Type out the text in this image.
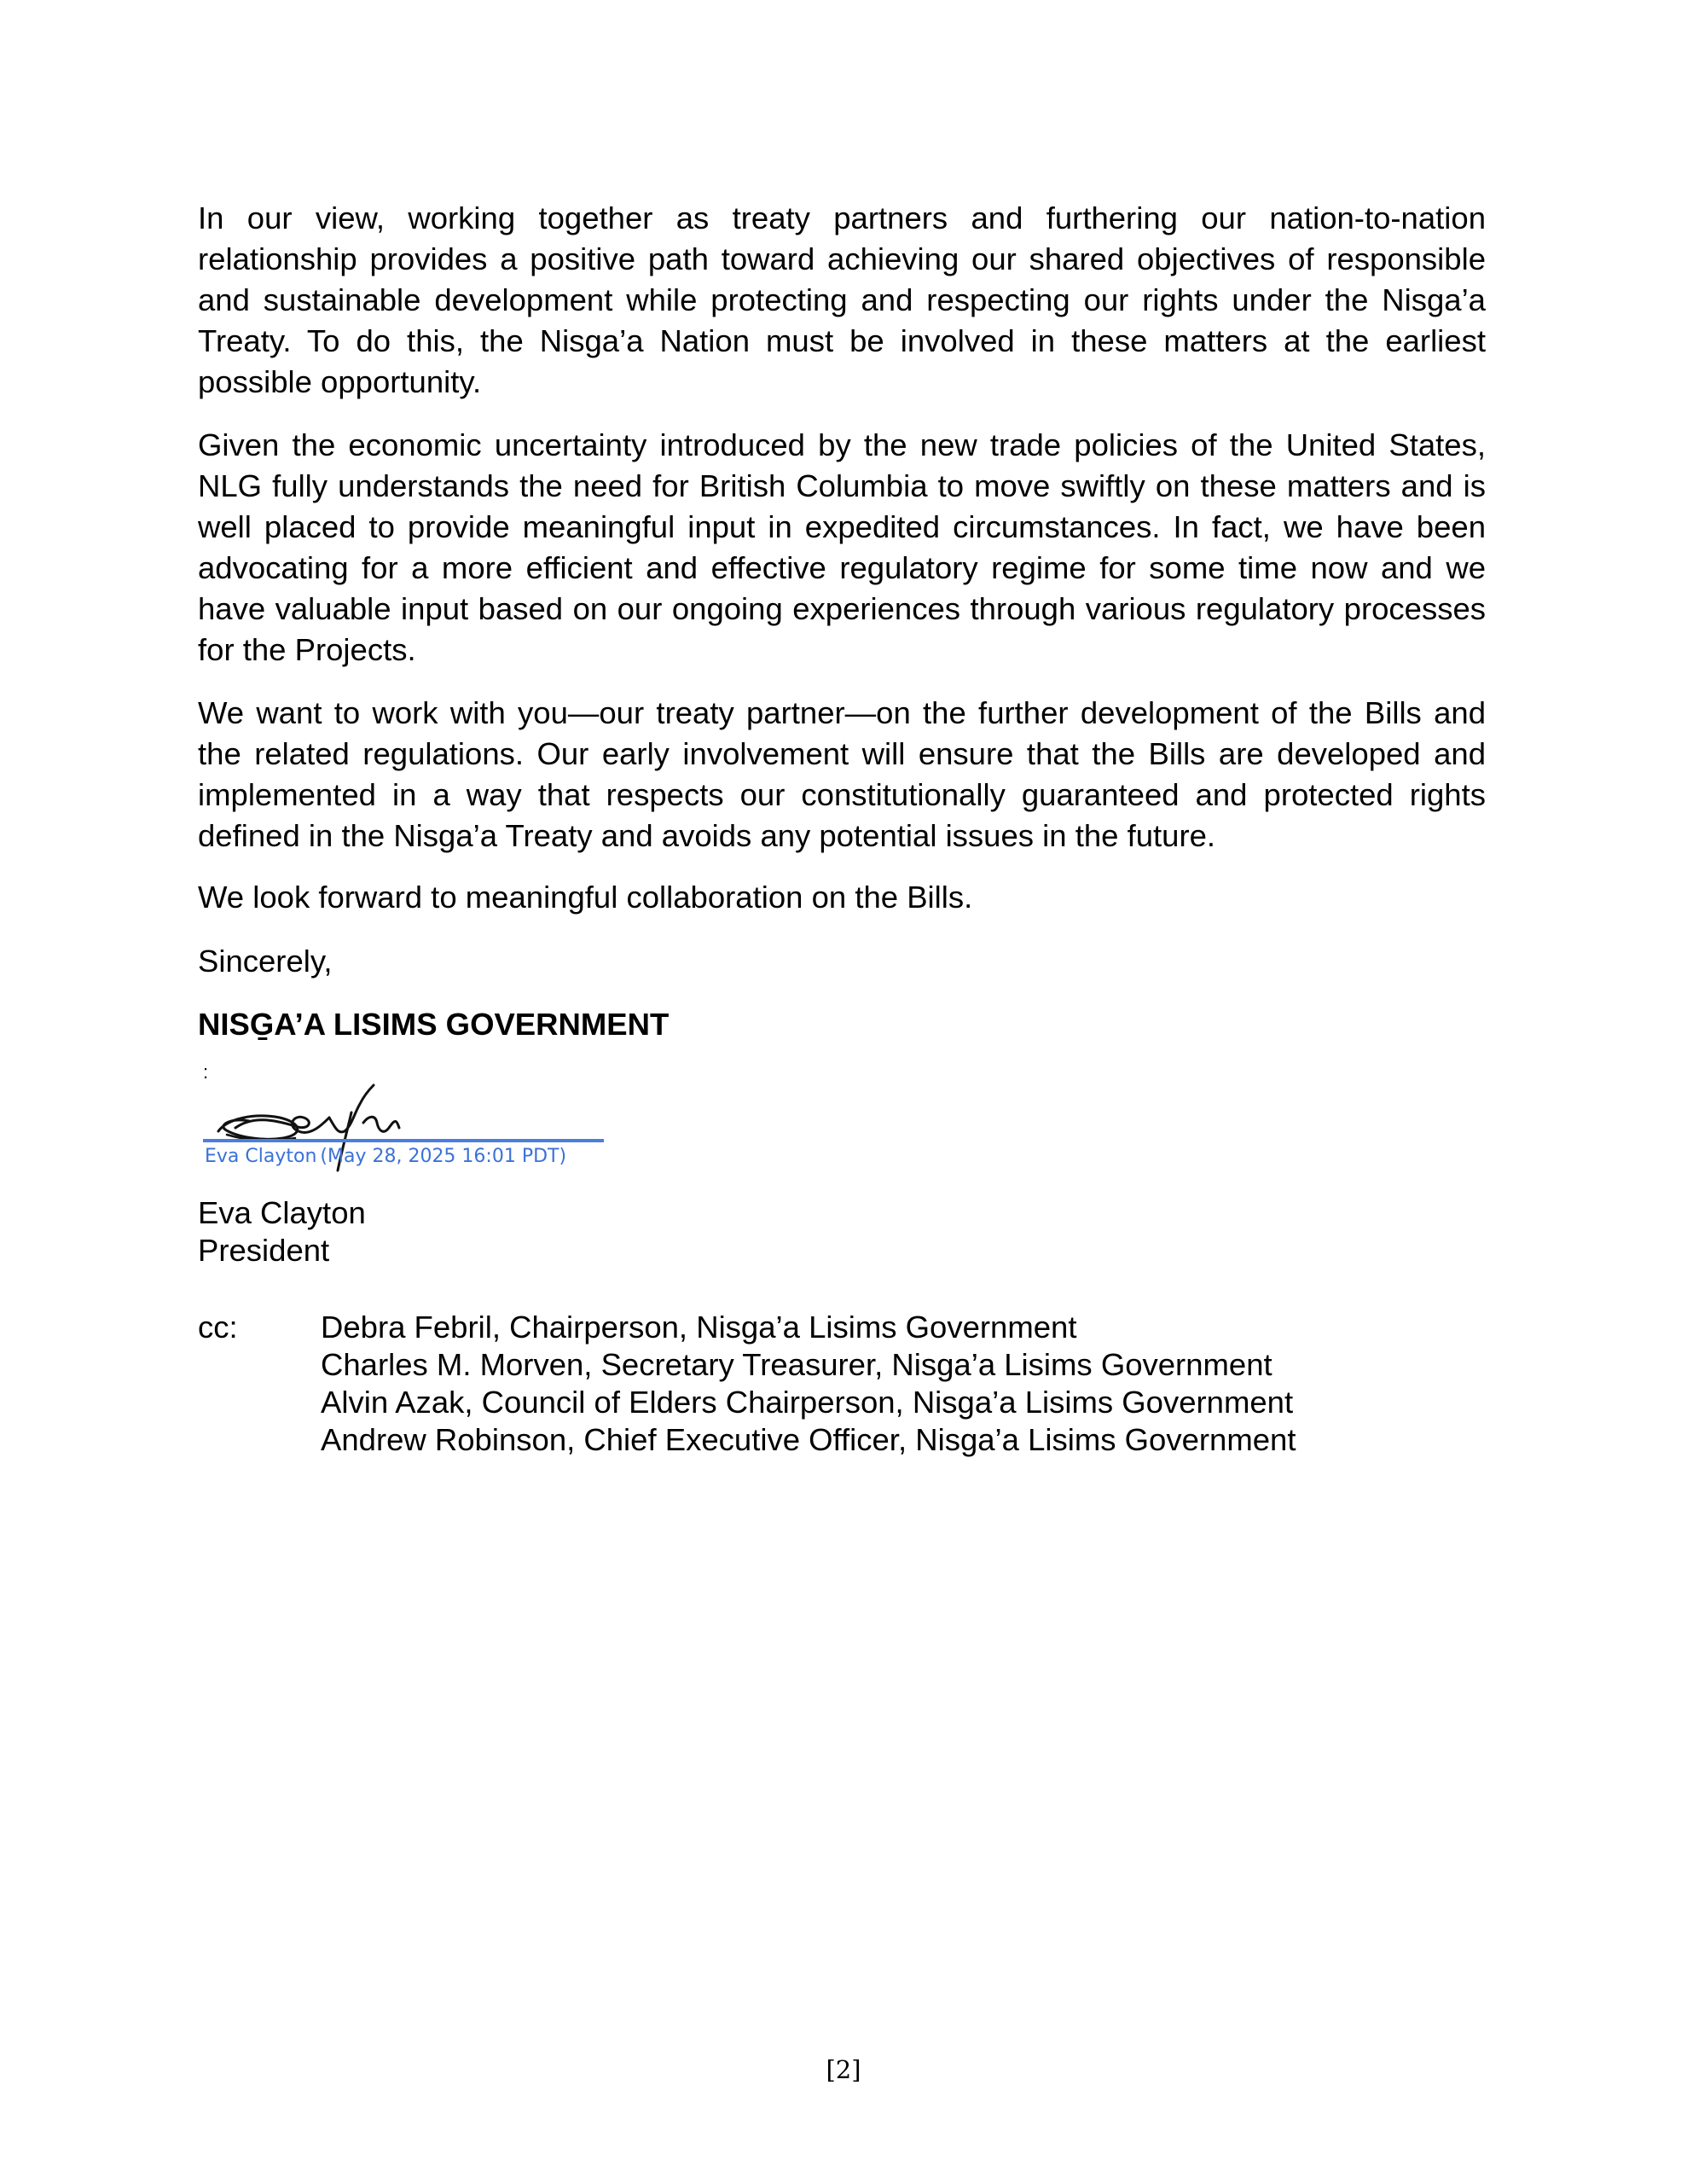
In our view, working together as treaty partners and furthering our nation-to-nation relationship provides a positive path toward achieving our shared objectives of responsible and sustainable development while protecting and respecting our rights under the Nisga’a Treaty. To do this, the Nisga’a Nation must be involved in these matters at the earliest possible opportunity.

Given the economic uncertainty introduced by the new trade policies of the United States, NLG fully understands the need for British Columbia to move swiftly on these matters and is well placed to provide meaningful input in expedited circumstances. In fact, we have been advocating for a more efficient and effective regulatory regime for some time now and we have valuable input based on our ongoing experiences through various regulatory processes for the Projects.

We want to work with you—our treaty partner—on the further development of the Bills and the related regulations. Our early involvement will ensure that the Bills are developed and implemented in a way that respects our constitutionally guaranteed and protected rights defined in the Nisga’a Treaty and avoids any potential issues in the future.

We look forward to meaningful collaboration on the Bills.

Sincerely,
NISG̱A’A LISIMS GOVERNMENT
:
Eva Clayton (May 28, 2025 16:01 PDT)
Eva Clayton
President
cc:	Debra Febril, Chairperson, Nisga’a Lisims Government
Charles M. Morven, Secretary Treasurer, Nisga’a Lisims Government
Alvin Azak, Council of Elders Chairperson, Nisga’a Lisims Government
Andrew Robinson, Chief Executive Officer, Nisga’a Lisims Government
[2]
